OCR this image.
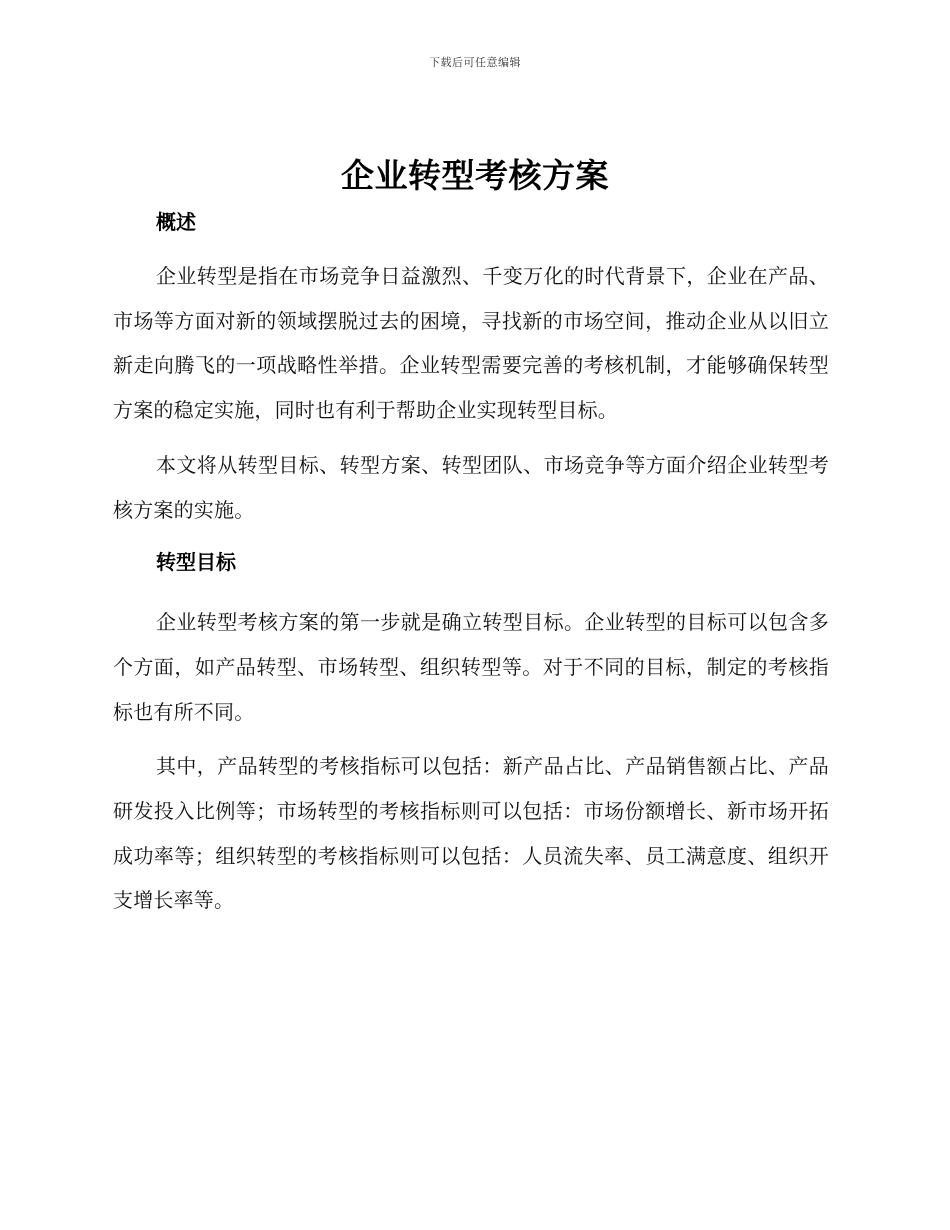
下载后可任意编辑
企业转型考核方案
概述

企业转型是指在市场竞争日益激烈、千变万化的时代背景下，企业在产品、市场等方面对新的领域摆脱过去的困境，寻找新的市场空间，推动企业从以旧立新走向腾飞的一项战略性举措。企业转型需要完善的考核机制，才能够确保转型方案的稳定实施，同时也有利于帮助企业实现转型目标。

本文将从转型目标、转型方案、转型团队、市场竞争等方面介绍企业转型考核方案的实施。

转型目标

企业转型考核方案的第一步就是确立转型目标。企业转型的目标可以包含多个方面，如产品转型、市场转型、组织转型等。对于不同的目标，制定的考核指标也有所不同。

其中，产品转型的考核指标可以包括：新产品占比、产品销售额占比、产品研发投入比例等；市场转型的考核指标则可以包括：市场份额增长、新市场开拓成功率等；组织转型的考核指标则可以包括：人员流失率、员工满意度、组织开支增长率等。
